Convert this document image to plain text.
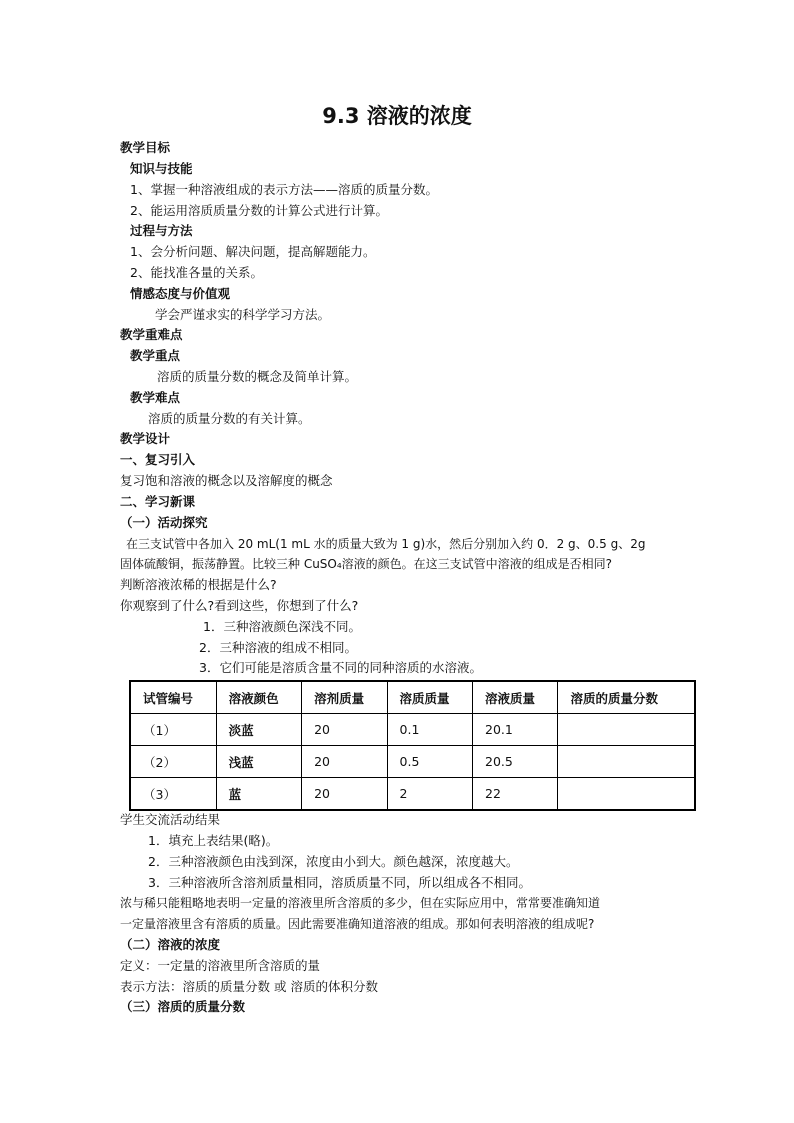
9.3 溶液的浓度
教学目标
知识与技能
1、掌握一种溶液组成的表示方法——溶质的质量分数。
2、能运用溶质质量分数的计算公式进行计算。
过程与方法
1、会分析问题、解决问题，提高解题能力。
2、能找准各量的关系。
情感态度与价值观
学会严谨求实的科学学习方法。
教学重难点
教学重点
溶质的质量分数的概念及简单计算。
教学难点
溶质的质量分数的有关计算。
教学设计
一、复习引入
复习饱和溶液的概念以及溶解度的概念
二、学习新课
（一）活动探究
在三支试管中各加入 20 mL(1 mL 水的质量大致为 1 g)水，然后分别加入约 0．2 g、0.5 g、2g
固体硫酸铜，振荡静置。比较三种 CuSO₄溶液的颜色。在这三支试管中溶液的组成是否相同?
判断溶液浓稀的根据是什么?
你观察到了什么?看到这些，你想到了什么?
1．三种溶液颜色深浅不同。
2．三种溶液的组成不相同。
3．它们可能是溶质含量不同的同种溶质的水溶液。
试管编号	溶液颜色	溶剂质量	溶质质量	溶液质量	溶质的质量分数
（1）	淡蓝	20	0.1	20.1	
（2）	浅蓝	20	0.5	20.5	
（3）	蓝	20	2	22	
学生交流活动结果
1．填充上表结果(略)。
2．三种溶液颜色由浅到深，浓度由小到大。颜色越深，浓度越大。
3．三种溶液所含溶剂质量相同，溶质质量不同，所以组成各不相同。
浓与稀只能粗略地表明一定量的溶液里所含溶质的多少，但在实际应用中，常常要准确知道
一定量溶液里含有溶质的质量。因此需要准确知道溶液的组成。那如何表明溶液的组成呢?
（二）溶液的浓度
定义：一定量的溶液里所含溶质的量
表示方法：溶质的质量分数 或 溶质的体积分数
（三）溶质的质量分数
